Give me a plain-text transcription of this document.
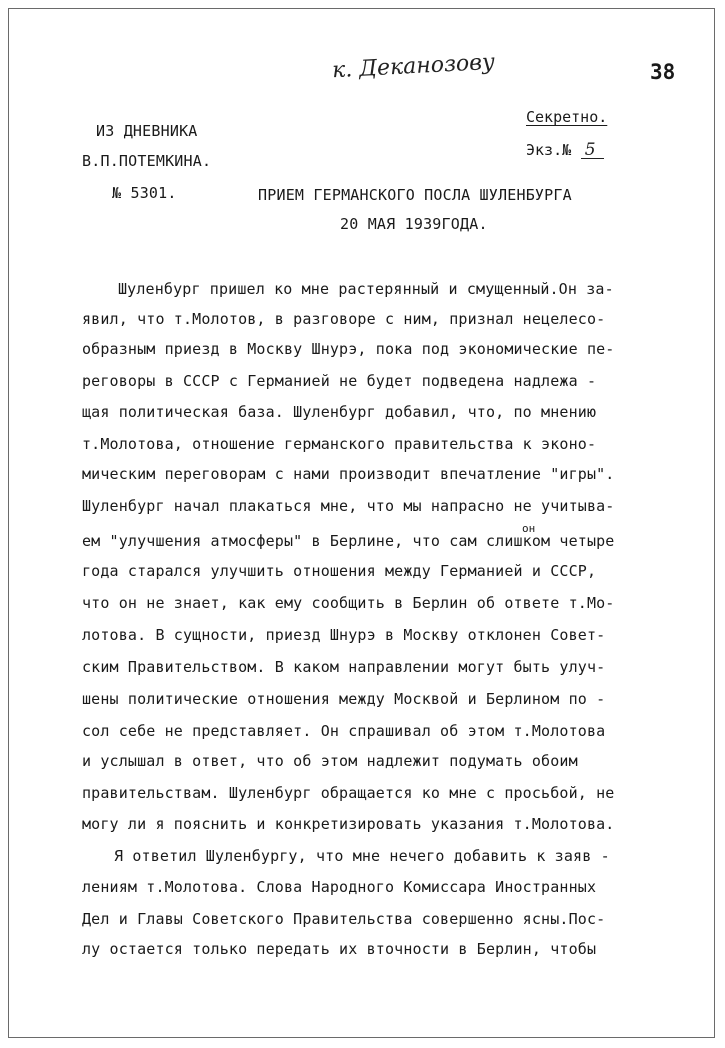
к. Деканозову	38
ИЗ ДНЕВНИКА
В.П.ПОТЕМКИНА.
№ 5301.
Секретно.
Экз.№ 5
ПРИЕМ ГЕРМАНСКОГО ПОСЛА ШУЛЕНБУРГА
20 МАЯ 1939ГОДА.
Шуленбург пришел ко мне растерянный и смущенный.Он за-
явил, что т.Молотов, в разговоре с ним, признал нецелесо-
образным приезд в Москву Шнурэ, пока под экономические пе-
реговоры в СССР с Германией не будет подведена надлежа -
щая политическая база. Шуленбург добавил, что, по мнению
т.Молотова, отношение германского правительства к эконо-
мическим переговорам с нами производит впечатление "игры".
Шуленбург начал плакаться мне, что мы напрасно не учитыва-
он
ем "улучшения атмосферы" в Берлине, что сам слишком четыре
года старался улучшить отношения между Германией и СССР,
что он не знает, как ему сообщить в Берлин об ответе т.Мо-
лотова. В сущности, приезд Шнурэ в Москву отклонен Совет-
ским Правительством. В каком направлении могут быть улуч-
шены политические отношения между Москвой и Берлином по -
сол себе не представляет. Он спрашивал об этом т.Молотова
и услышал в ответ, что об этом надлежит подумать обоим
правительствам. Шуленбург обращается ко мне с просьбой, не
могу ли я пояснить и конкретизировать указания т.Молотова.
Я ответил Шуленбургу, что мне нечего добавить к заяв -
лениям т.Молотова. Слова Народного Комиссара Иностранных
Дел и Главы Советского Правительства совершенно ясны.Пос-
лу остается только передать их вточности в Берлин, чтобы
